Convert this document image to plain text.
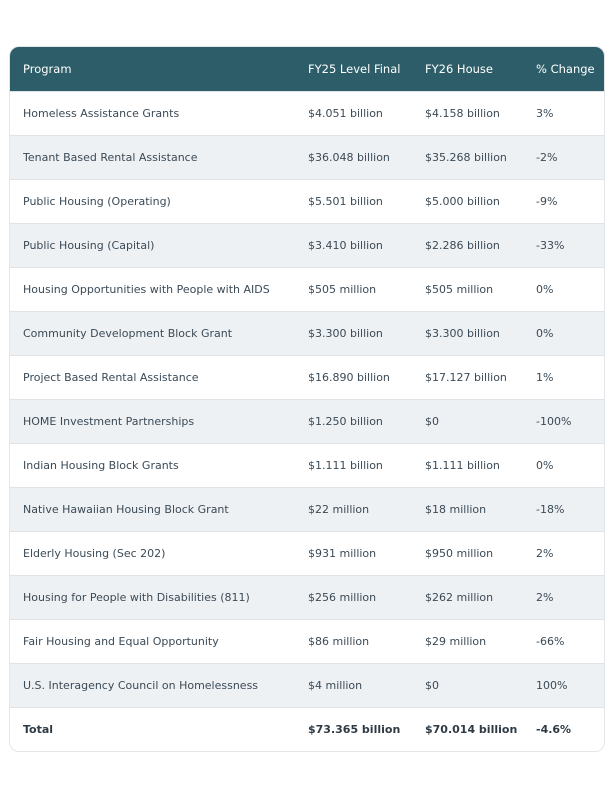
Program	FY25 Level Final	FY26 House	% Change
Homeless Assistance Grants	$4.051 billion	$4.158 billion	3%
Tenant Based Rental Assistance	$36.048 billion	$35.268 billion	-2%
Public Housing (Operating)	$5.501 billion	$5.000 billion	-9%
Public Housing (Capital)	$3.410 billion	$2.286 billion	-33%
Housing Opportunities with People with AIDS	$505 million	$505 million	0%
Community Development Block Grant	$3.300 billion	$3.300 billion	0%
Project Based Rental Assistance	$16.890 billion	$17.127 billion	1%
HOME Investment Partnerships	$1.250 billion	$0	-100%
Indian Housing Block Grants	$1.111 billion	$1.111 billion	0%
Native Hawaiian Housing Block Grant	$22 million	$18 million	-18%
Elderly Housing (Sec 202)	$931 million	$950 million	2%
Housing for People with Disabilities (811)	$256 million	$262 million	2%
Fair Housing and Equal Opportunity	$86 million	$29 million	-66%
U.S. Interagency Council on Homelessness	$4 million	$0	100%
Total	$73.365 billion	$70.014 billion	-4.6%
